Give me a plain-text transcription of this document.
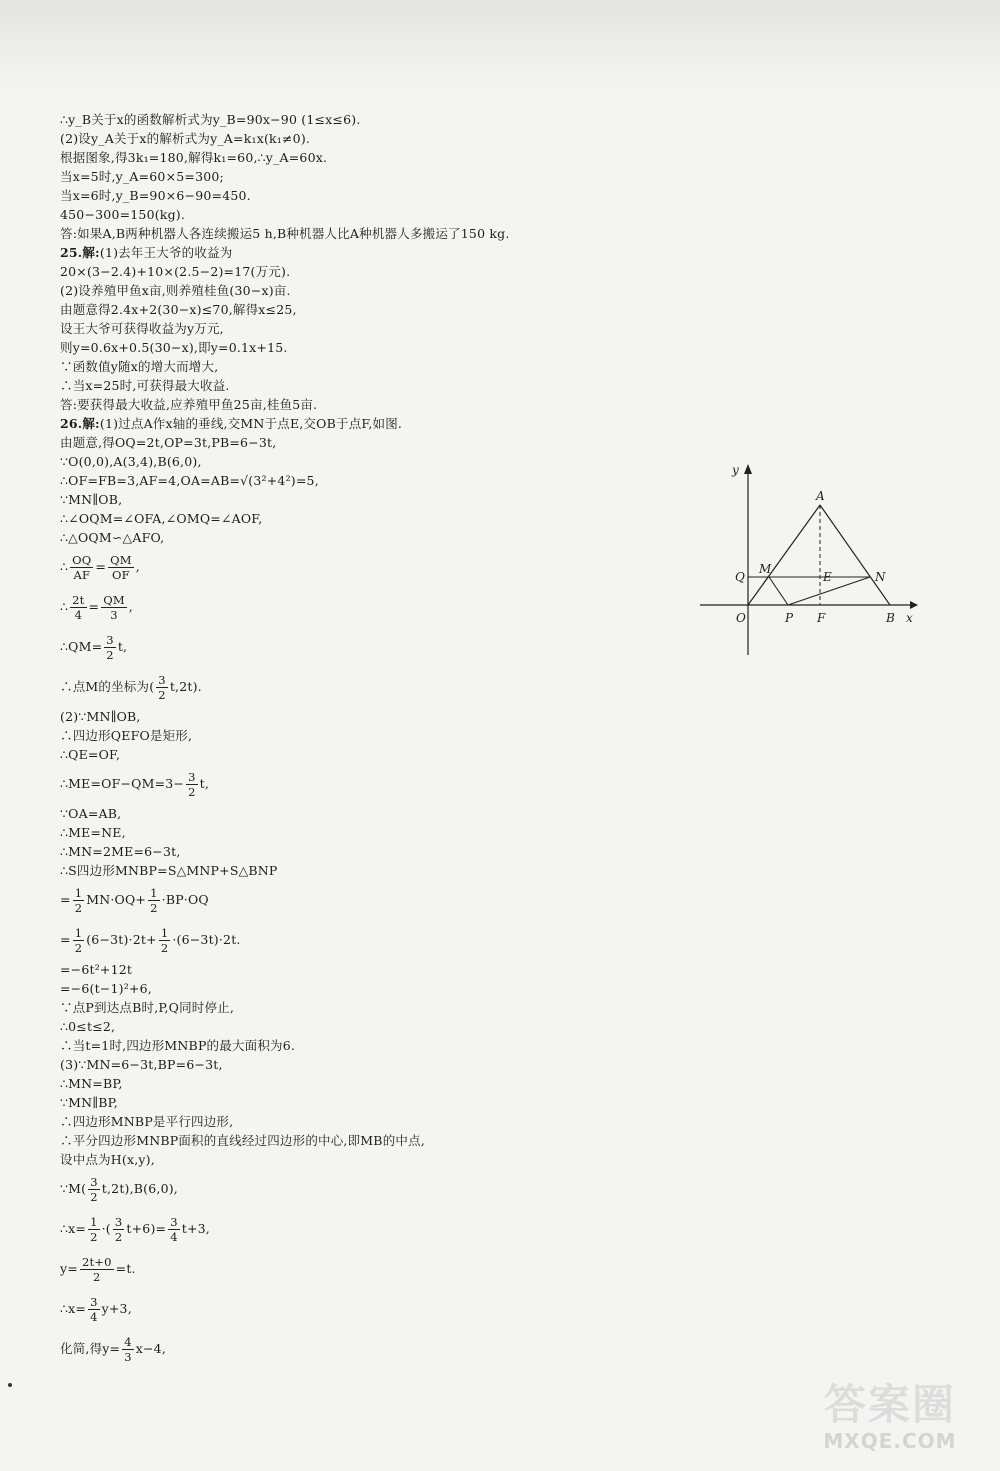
∴y_B关于x的函数解析式为y_B=90x−90 (1≤x≤6).
(2)设y_A关于x的解析式为y_A=k₁x(k₁≠0).
根据图象,得3k₁=180,解得k₁=60,∴y_A=60x.
当x=5时,y_A=60×5=300;
当x=6时,y_B=90×6−90=450.
450−300=150(kg).
答:如果A,B两种机器人各连续搬运5 h,B种机器人比A种机器人多搬运了150 kg.
25.解:(1)去年王大爷的收益为
20×(3−2.4)+10×(2.5−2)=17(万元).
(2)设养殖甲鱼x亩,则养殖桂鱼(30−x)亩.
由题意得2.4x+2(30−x)≤70,解得x≤25,
设王大爷可获得收益为y万元,
则y=0.6x+0.5(30−x),即y=0.1x+15.
∵函数值y随x的增大而增大,
∴当x=25时,可获得最大收益.
答:要获得最大收益,应养殖甲鱼25亩,桂鱼5亩.
26.解:(1)过点A作x轴的垂线,交MN于点E,交OB于点F,如图.
由题意,得OQ=2t,OP=3t,PB=6−3t,
∵O(0,0),A(3,4),B(6,0),
∴OF=FB=3,AF=4,OA=AB=√(3²+4²)=5,
∵MN∥OB,
∴∠OQM=∠OFA,∠OMQ=∠AOF,
∴△OQM∽△AFO,
∴ $\frac{OQ}{AF} = \frac{QM}{OF}$ ,
∴ $\frac{2t}{4} = \frac{QM}{3}$ ,
∴QM= $\frac{3}{2} t$,
∴点M的坐标为( $\frac{3}{2} t,2t$).
(2)∵MN∥OB,
∴四边形QEFO是矩形,
∴QE=OF,
∴ME=OF−QM=3− $\frac{3}{2} t$,
∵OA=AB,
∴ME=NE,
∴MN=2ME=6−3t,
∴S四边形MNBP=S△MNP+S△BNP
= $\frac{1}{2} MN\cdot OQ+ \frac{1}{2} \cdot BP\cdot OQ$
= $\frac{1}{2} (6-3t)\cdot 2t+ \frac{1}{2} \cdot(6-3t)\cdot 2t$.
=−6t²+12t
=−6(t−1)²+6,
∵点P到达点B时,P,Q同时停止,
∴0≤t≤2,
∴当t=1时,四边形MNBP的最大面积为6.
(3)∵MN=6−3t,BP=6−3t,
∴MN=BP,
∵MN∥BP,
∴四边形MNBP是平行四边形,
∴平分四边形MNBP面积的直线经过四边形的中心,即MB的中点,
设中点为H(x,y),
∵M( $\frac{3}{2} t,2t),B(6,0)$,
∴x= $\frac{1}{2}$ ·( $\frac{3}{2} t+6)= \frac{3}{4} t+3$,
$y= \frac{2t+0}{2} =t$.
∴x= $\frac{3}{4} y+3$,
化简,得$y= \frac{4}{3} x-4$,
y
x
A
Q
M
E	N
O	P F	B
答案圈
MXQE.COM
